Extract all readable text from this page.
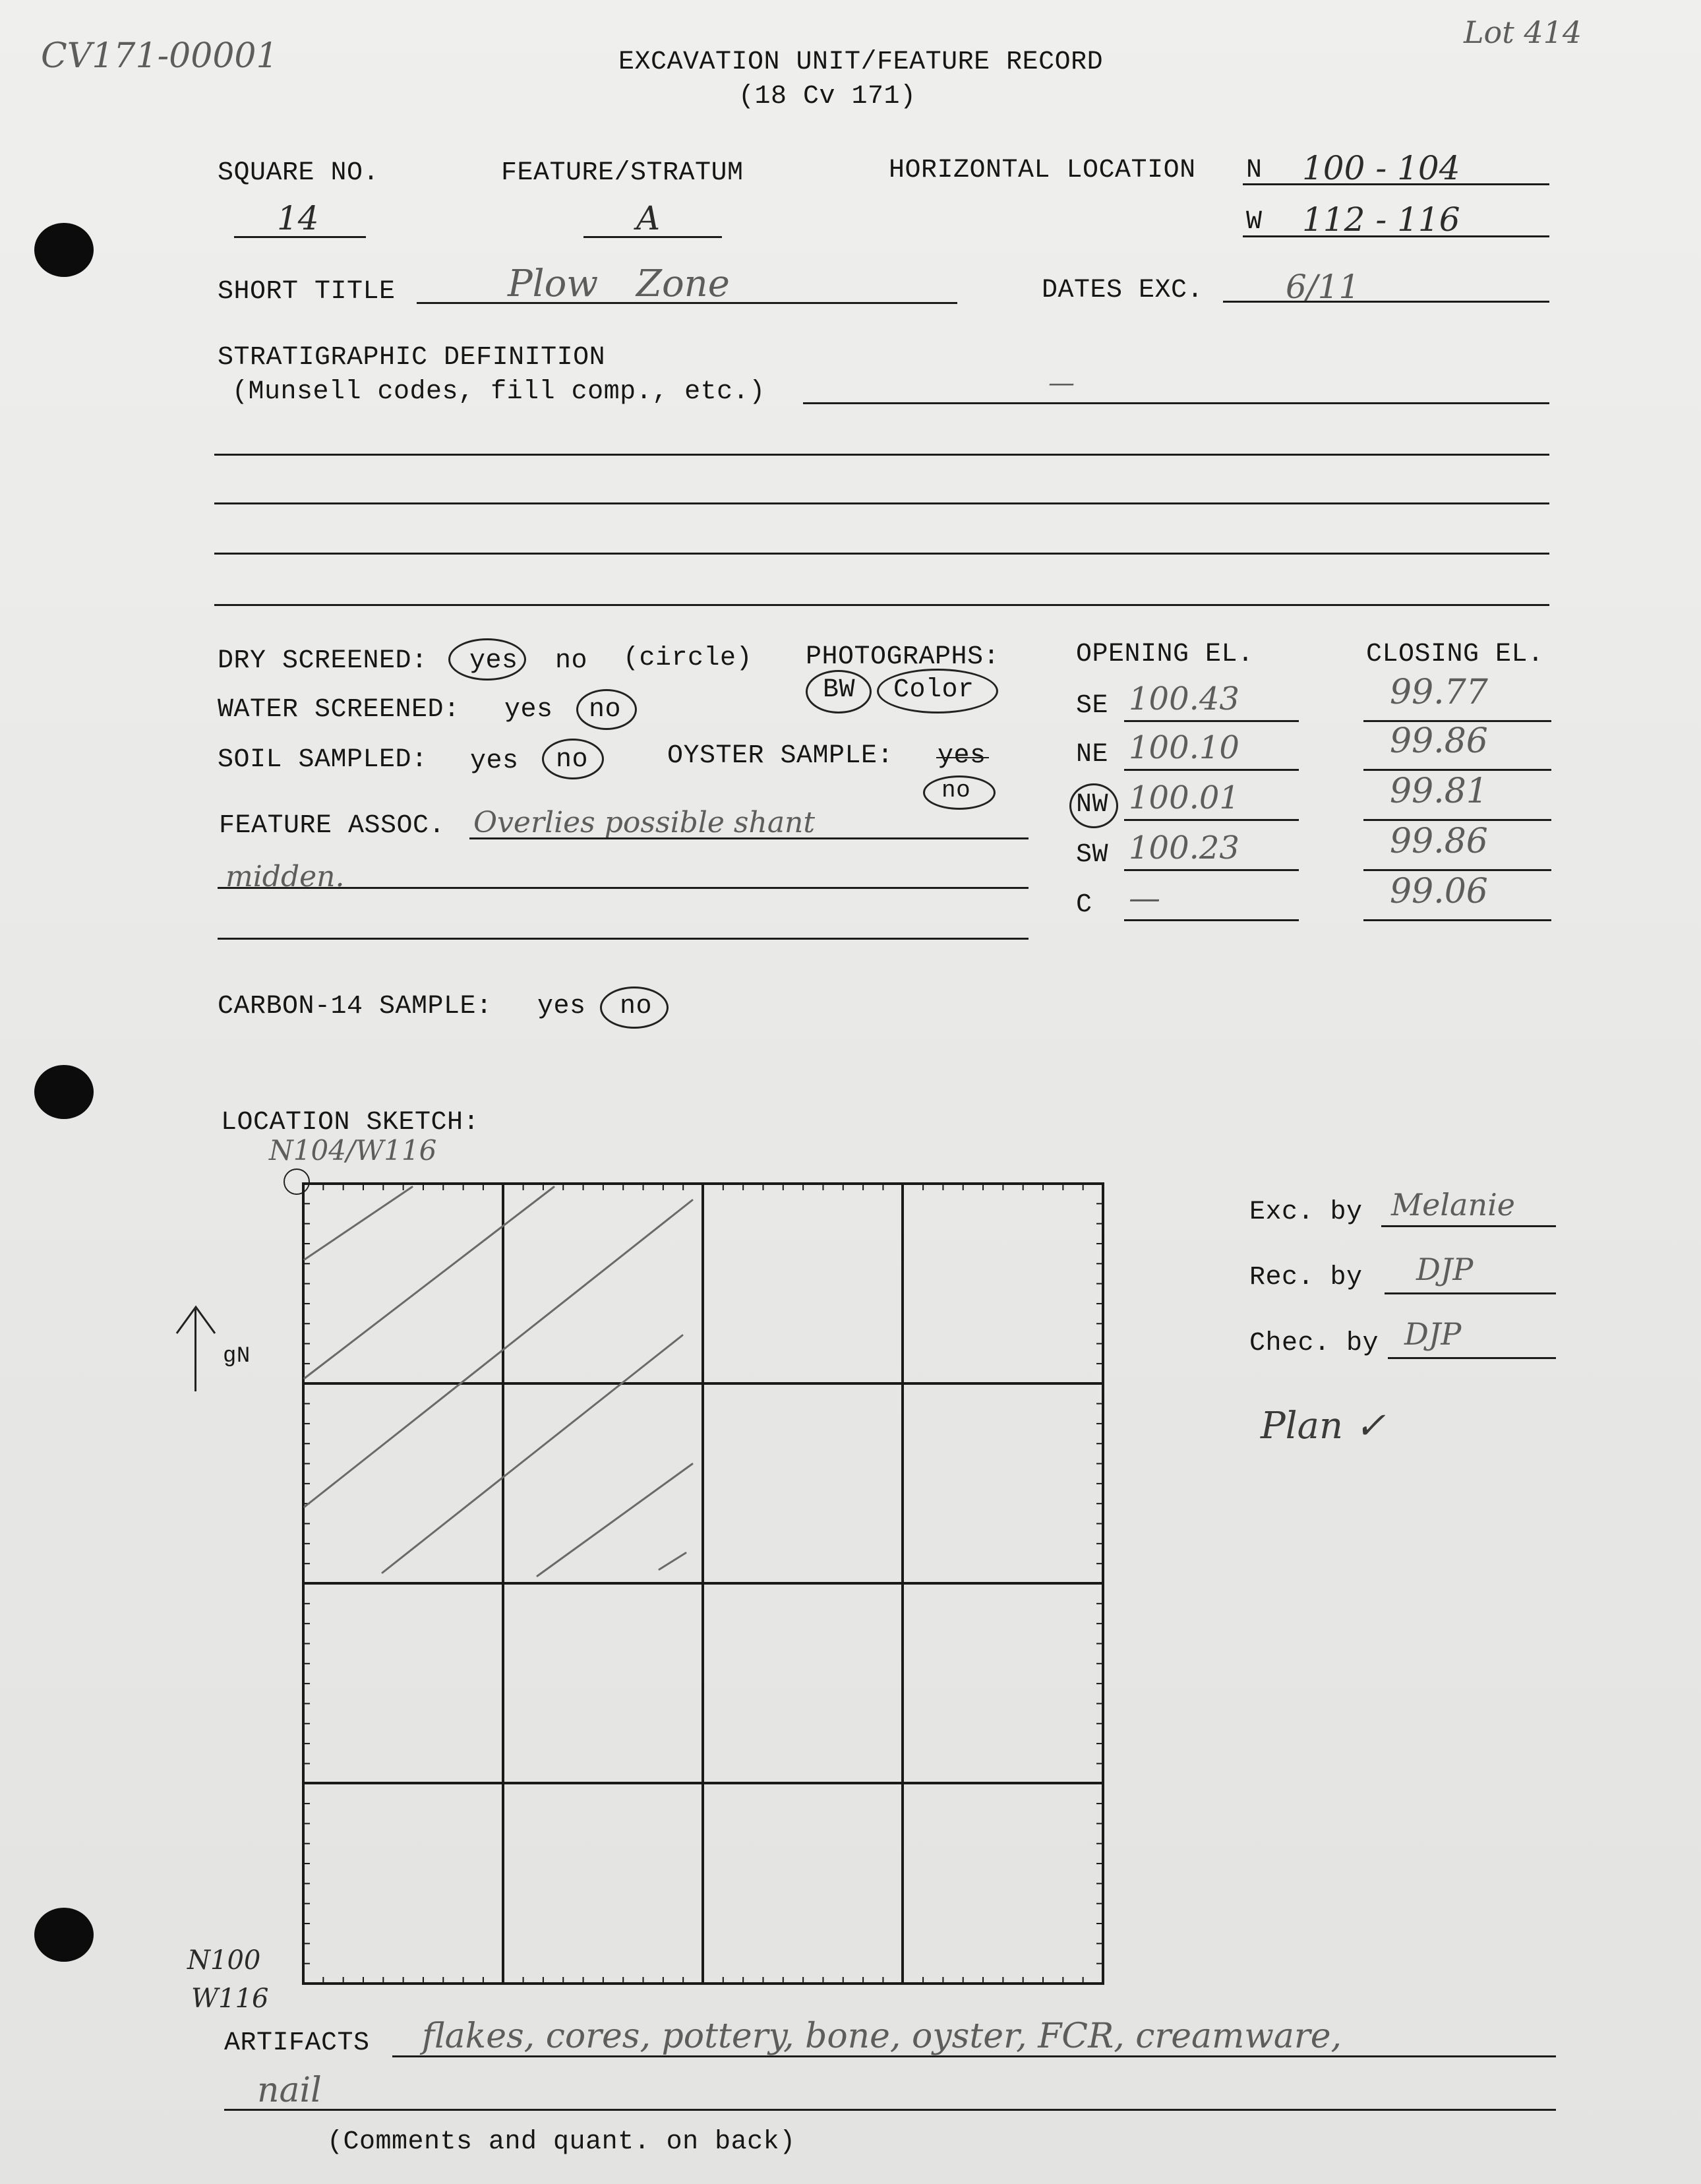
CV171-00001
Lot 414
EXCAVATION UNIT/FEATURE RECORD
(18 Cv 171)
SQUARE NO.
14
FEATURE/STRATUM
A
HORIZONTAL LOCATION N 100 - 104
W 112 - 116
SHORT TITLE	Plow Zone	DATES EXC. 6/11
STRATIGRAPHIC DEFINITION
(Munsell codes, fill comp., etc.)	—
DRY SCREENED: yes no (circle)
WATER SCREENED: yes no
SOIL SAMPLED: yes no	OYSTER SAMPLE: yes
no
PHOTOGRAPHS:
BW Color
FEATURE ASSOC. Overlies possible shant
midden.
OPENING EL.	CLOSING EL.
SE 100.43	99.77
NE 100.10	99.86
NW 100.01	99.81
SW 100.23	99.86
C —	99.06
CARBON-14 SAMPLE: yes no
LOCATION SKETCH:
N104/W116
gN
N100
W116
Exc. by Melanie
Rec. by DJP
Chec. by DJP
Plan ✓
ARTIFACTS flakes, cores, pottery, bone, oyster, FCR, creamware,
nail
(Comments and quant. on back)
